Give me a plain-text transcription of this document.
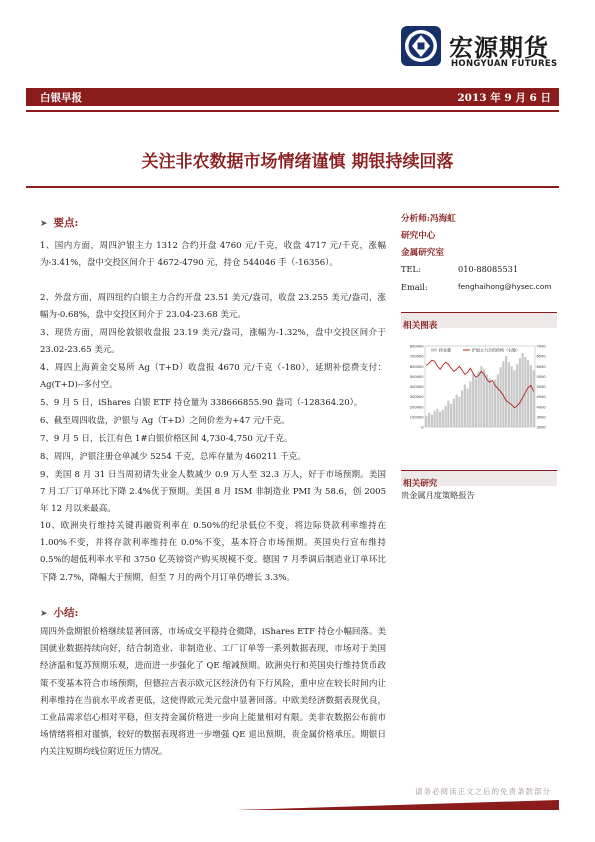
宏源期货
HONGYUAN FUTURES
白银早报	2013 年 9 月 6 日
关注非农数据市场情绪谨慎 期银持续回落
➤ 要点:
1、国内方面，周四沪银主力 1312 合约开盘 4760 元/千克，收盘 4717 元/千克，涨幅为-3.41%，盘中交投区间介于 4672-4790 元，持仓 544046 手（-16356）。
2、外盘方面，周四纽约白银主力合约开盘 23.51 美元/盎司，收盘 23.255 美元/盎司，涨幅为-0.68%，盘中交投区间介于 23.04-23.68 美元。
3、现货方面，周四伦敦银收盘报 23.19 美元/盎司，涨幅为-1.32%，盘中交投区间介于 23.02-23.65 美元。
4、周四上海黄金交易所 Ag（T+D）收盘报 4670 元/千克（-180），延期补偿费支付：Ag(T+D)--多付空。
5、9 月 5 日，iShares 白银 ETF 持仓量为 338666855.90 盎司（-128364.20）。
6、截至周四收盘，沪银与 Ag（T+D）之间价差为+47 元/千克。
7、9 月 5 日，长江有色 1#白银价格区间 4,730-4,750 元/千克。
8、周四，沪银注册仓单减少 5254 千克，总库存量为 460211 千克。
9、美国 8 月 31 日当周初请失业金人数减少 0.9 万人至 32.3 万人，好于市场预期。美国 7 月工厂订单环比下降 2.4%优于预期。美国 8 月 ISM 非制造业 PMI 为 58.6，创 2005 年 12 月以来最高。
10、欧洲央行维持关键再融资利率在 0.50%的纪录低位不变，将边际贷款利率维持在 1.00%不变，并将存款利率维持在 0.0%不变，基本符合市场预期。英国央行宣布维持 0.5%的超低利率水平和 3750 亿英镑资产购买规模不变。德国 7 月季调后制造业订单环比下降 2.7%，降幅大于预期，但至 7 月的两个月订单仍增长 3.3%。
➤ 小结:
周四外盘期银价格继续显著回落，市场成交平稳持仓微降，iShares ETF 持仓小幅回落。美国就业数据持续向好，结合制造业、非制造业、工厂订单等一系列数据表现，市场对于美国经济温和复苏预期乐观，进而进一步强化了 QE 缩减预期。欧洲央行和英国央行维持货币政策不变基本符合市场预期，但德拉吉表示欧元区经济仍有下行风险，重申应在较长时间内让利率维持在当前水平或者更低，这使得欧元美元盘中显著回落。中欧美经济数据表现优良，工业品需求信心相对平稳，但支持金属价格进一步向上能量相对有限。美非农数据公布前市场情绪将相对谨慎，较好的数据表现将进一步增强 QE 退出预期，贵金属价格承压。期银日内关注短期均线位附近压力情况。
分析师:冯海虹
研究中心
金属研究室
TEL:	010-88085531
Email:	fenghaihong@hysec.com
相关图表
800000
700000
600000
500000
400000
300000
200000
100000
0
7000
6500
6000
5500
5000
4500
4000
3500
3000
持仓量	沪银主力合约价格（右轴）
相关研究
贵金属月度策略报告
请务必阅读正文之后的免责条款部分
